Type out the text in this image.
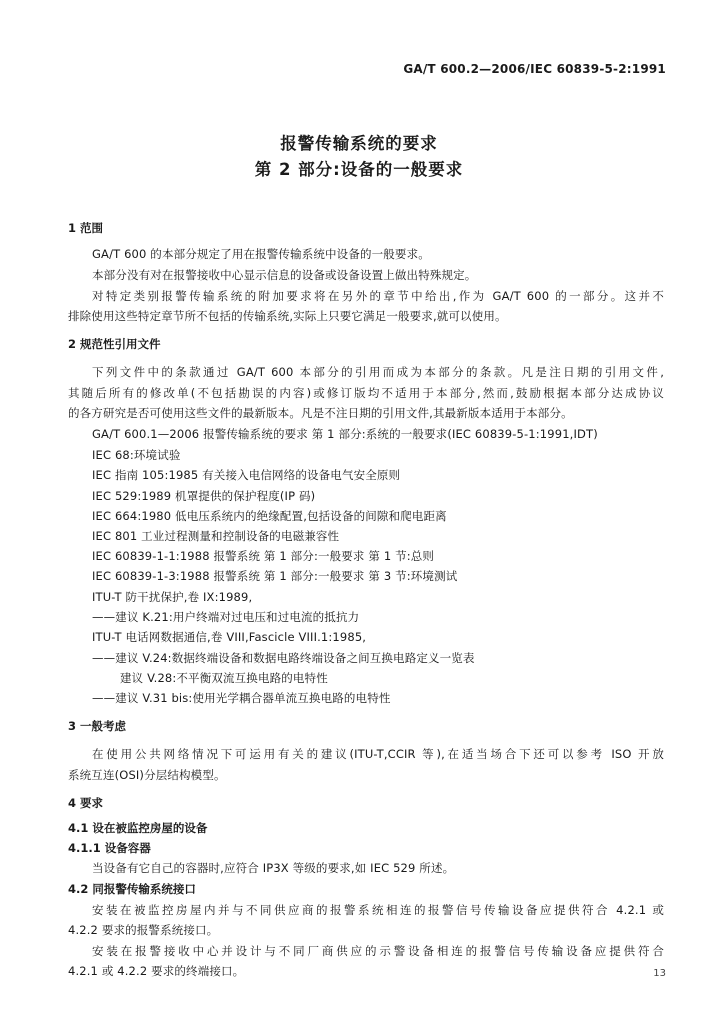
GA/T 600.2—2006/IEC 60839-5-2:1991
报警传输系统的要求
第 2 部分:设备的一般要求
1 范围
GA/T 600 的本部分规定了用在报警传输系统中设备的一般要求。
本部分没有对在报警接收中心显示信息的设备或设备设置上做出特殊规定。
对特定类别报警传输系统的附加要求将在另外的章节中给出,作为 GA/T 600 的一部分。这并不
排除使用这些特定章节所不包括的传输系统,实际上只要它满足一般要求,就可以使用。
2 规范性引用文件
下列文件中的条款通过 GA/T 600 本部分的引用而成为本部分的条款。凡是注日期的引用文件,
其随后所有的修改单(不包括勘误的内容)或修订版均不适用于本部分,然而,鼓励根据本部分达成协议
的各方研究是否可使用这些文件的最新版本。凡是不注日期的引用文件,其最新版本适用于本部分。
GA/T 600.1—2006 报警传输系统的要求 第 1 部分:系统的一般要求(IEC 60839-5-1:1991,IDT)
IEC 68:环境试验
IEC 指南 105:1985 有关接入电信网络的设备电气安全原则
IEC 529:1989 机罩提供的保护程度(IP 码)
IEC 664:1980 低电压系统内的绝缘配置,包括设备的间隙和爬电距离
IEC 801 工业过程测量和控制设备的电磁兼容性
IEC 60839-1-1:1988 报警系统 第 1 部分:一般要求 第 1 节:总则
IEC 60839-1-3:1988 报警系统 第 1 部分:一般要求 第 3 节:环境测试
ITU-T 防干扰保护,卷 IX:1989,
——建议 K.21:用户终端对过电压和过电流的抵抗力
ITU-T 电话网数据通信,卷 VIII,Fascicle VIII.1:1985,
——建议 V.24:数据终端设备和数据电路终端设备之间互换电路定义一览表
建议 V.28:不平衡双流互换电路的电特性
——建议 V.31 bis:使用光学耦合器单流互换电路的电特性
3 一般考虑
在使用公共网络情况下可运用有关的建议(ITU-T,CCIR 等),在适当场合下还可以参考 ISO 开放
系统互连(OSI)分层结构模型。
4 要求
4.1 设在被监控房屋的设备
4.1.1 设备容器
当设备有它自己的容器时,应符合 IP3X 等级的要求,如 IEC 529 所述。
4.2 同报警传输系统接口
安装在被监控房屋内并与不同供应商的报警系统相连的报警信号传输设备应提供符合 4.2.1 或
4.2.2 要求的报警系统接口。
安装在报警接收中心并设计与不同厂商供应的示警设备相连的报警信号传输设备应提供符合
4.2.1 或 4.2.2 要求的终端接口。	13
